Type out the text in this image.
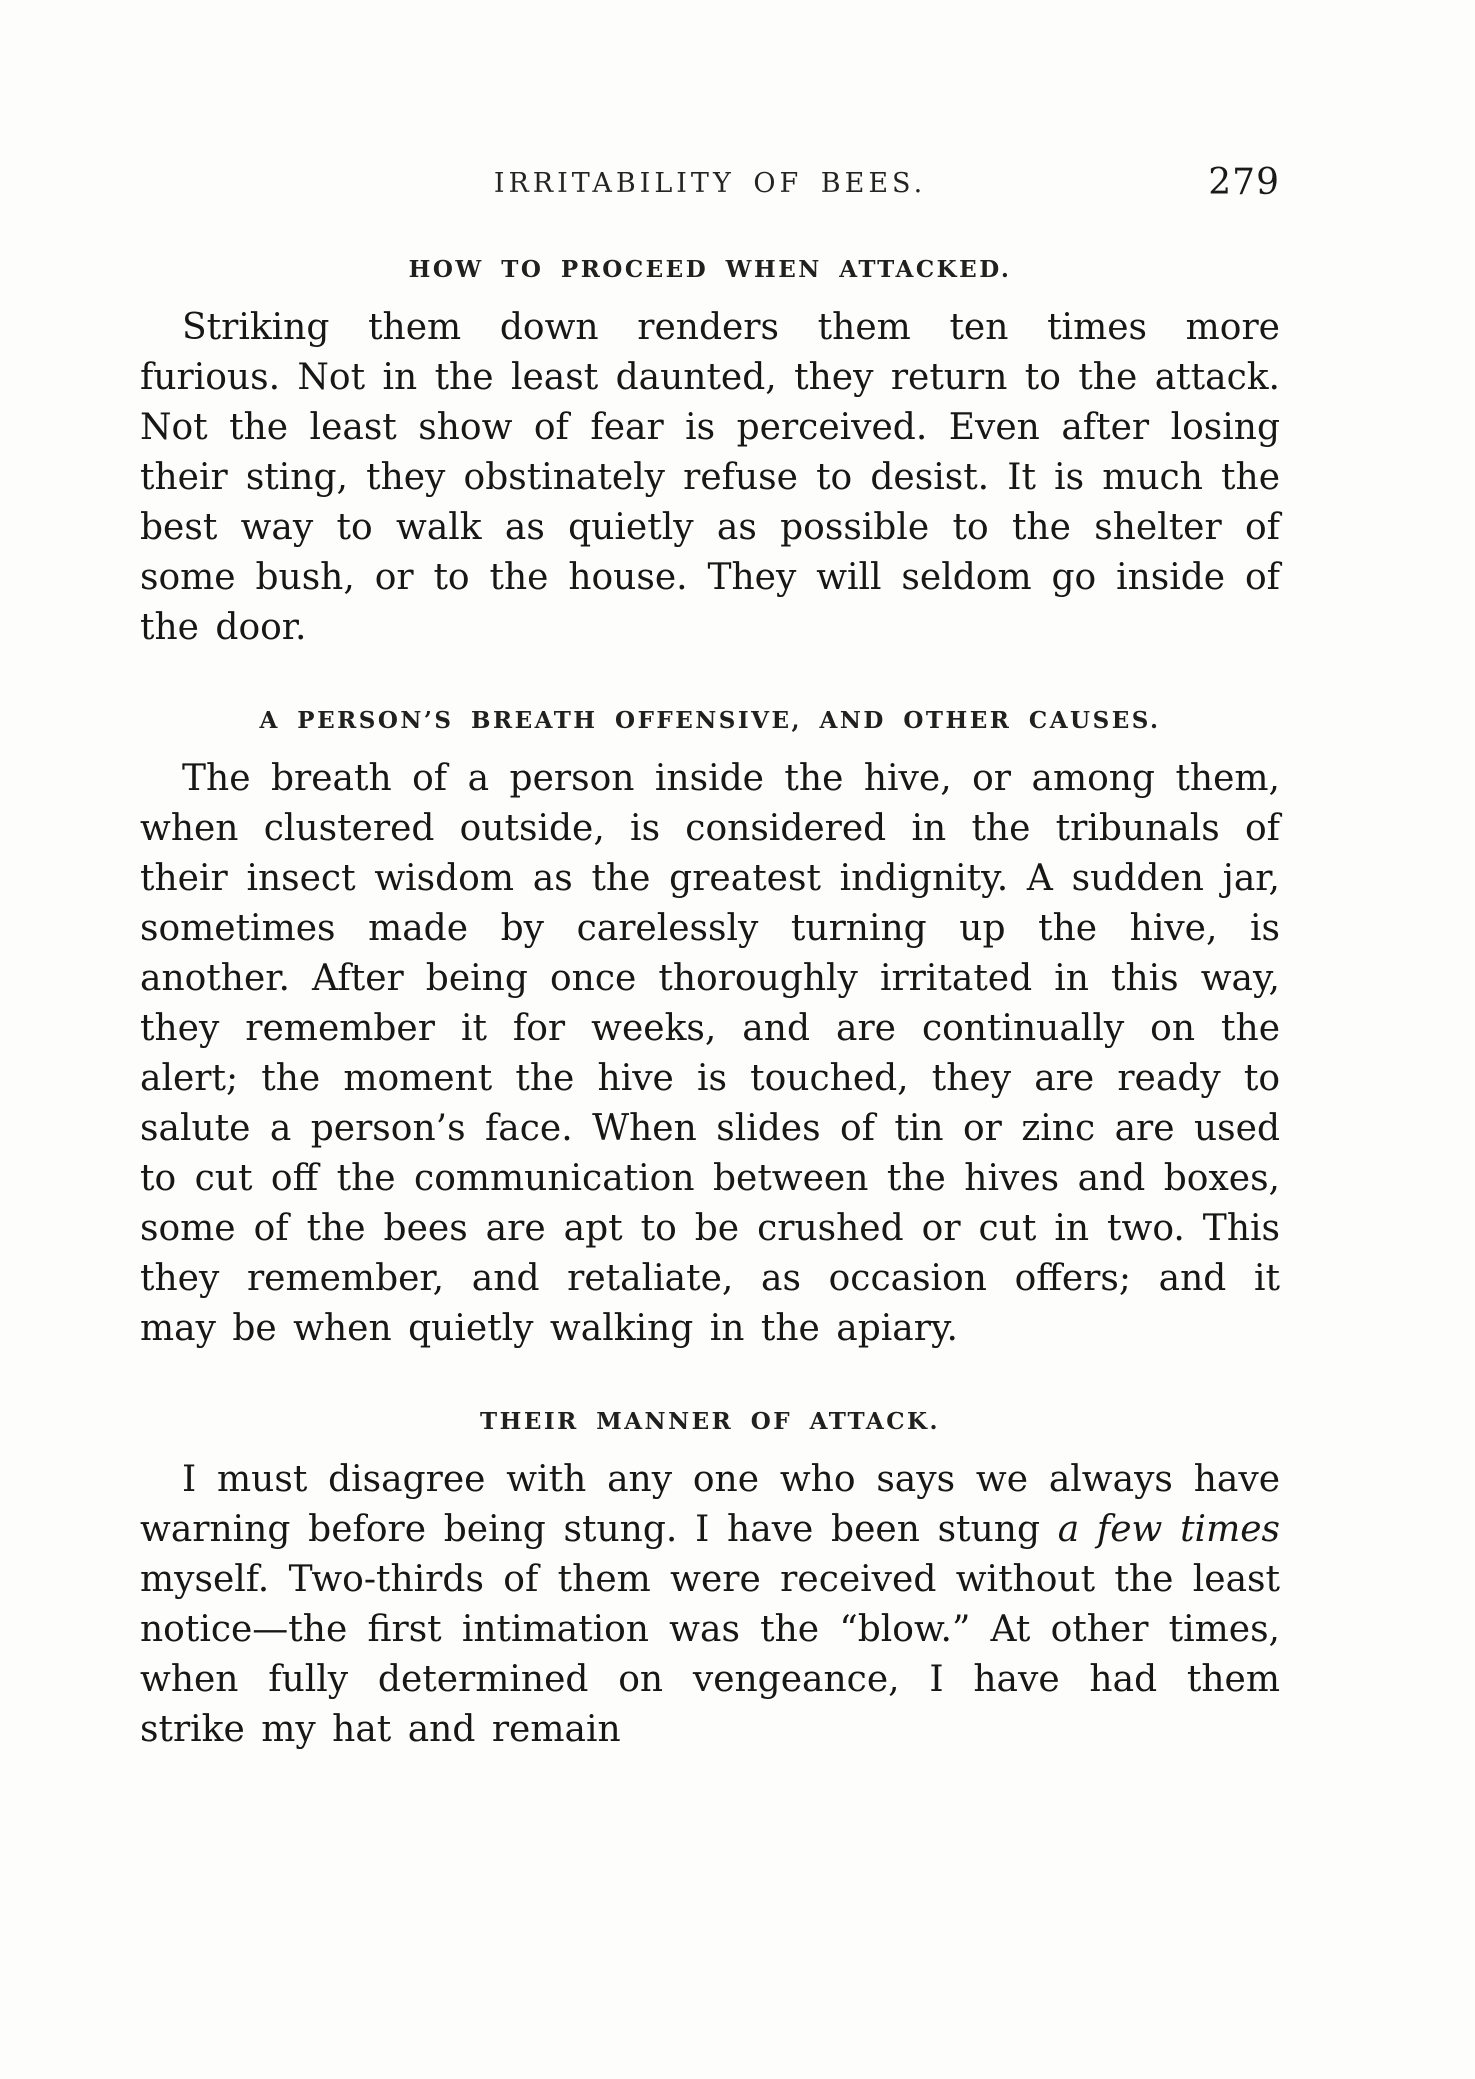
IRRITABILITY OF BEES.	279
HOW TO PROCEED WHEN ATTACKED.

Striking them down renders them ten times more furious. Not in the least daunted, they return to the attack. Not the least show of fear is perceived. Even after losing their sting, they obstinately refuse to desist. It is much the best way to walk as quietly as possible to the shelter of some bush, or to the house. They will seldom go inside of the door.

A PERSON’S BREATH OFFENSIVE, AND OTHER CAUSES.

The breath of a person inside the hive, or among them, when clustered outside, is considered in the tribunals of their insect wisdom as the greatest indignity. A sudden jar, sometimes made by carelessly turning up the hive, is another. After being once thoroughly irritated in this way, they remember it for weeks, and are continually on the alert; the moment the hive is touched, they are ready to salute a person’s face. When slides of tin or zinc are used to cut off the communication between the hives and boxes, some of the bees are apt to be crushed or cut in two. This they remember, and retaliate, as occasion offers; and it may be when quietly walking in the apiary.

THEIR MANNER OF ATTACK.

I must disagree with any one who says we always have warning before being stung. I have been stung a few times myself. Two-thirds of them were received without the least notice—the first intimation was the “blow.” At other times, when fully determined on vengeance, I have had them strike my hat and remain
